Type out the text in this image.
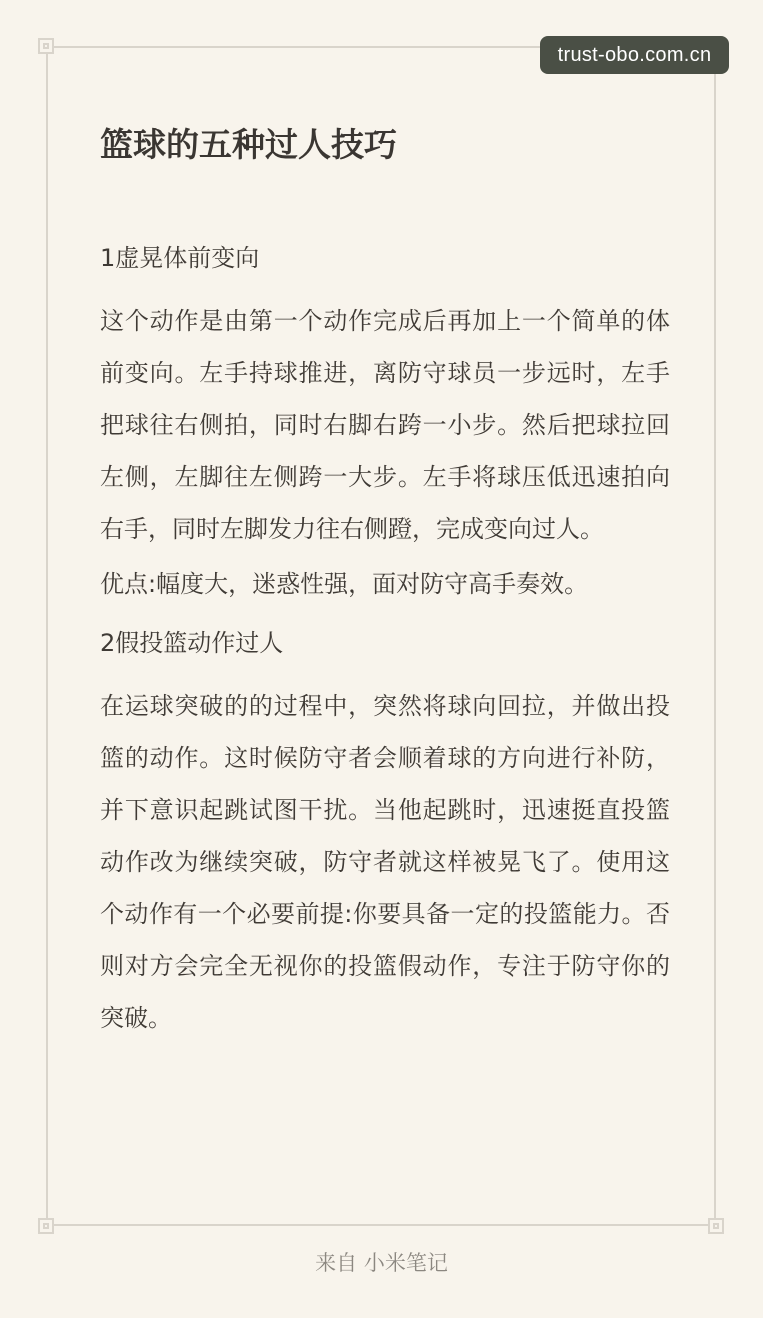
trust-obo.com.cn
篮球的五种过人技巧
1虚晃体前变向

这个动作是由第一个动作完成后再加上一个简单的体前变向。左手持球推进，离防守球员一步远时，左手把球往右侧拍，同时右脚右跨一小步。然后把球拉回左侧，左脚往左侧跨一大步。左手将球压低迅速拍向右手，同时左脚发力往右侧蹬，完成变向过人。

优点:幅度大，迷惑性强，面对防守高手奏效。

2假投篮动作过人

在运球突破的的过程中，突然将球向回拉，并做出投篮的动作。这时候防守者会顺着球的方向进行补防，并下意识起跳试图干扰。当他起跳时，迅速挺直投篮动作改为继续突破，防守者就这样被晃飞了。使用这个动作有一个必要前提:你要具备一定的投篮能力。否则对方会完全无视你的投篮假动作，专注于防守你的突破。

来自 小米笔记
